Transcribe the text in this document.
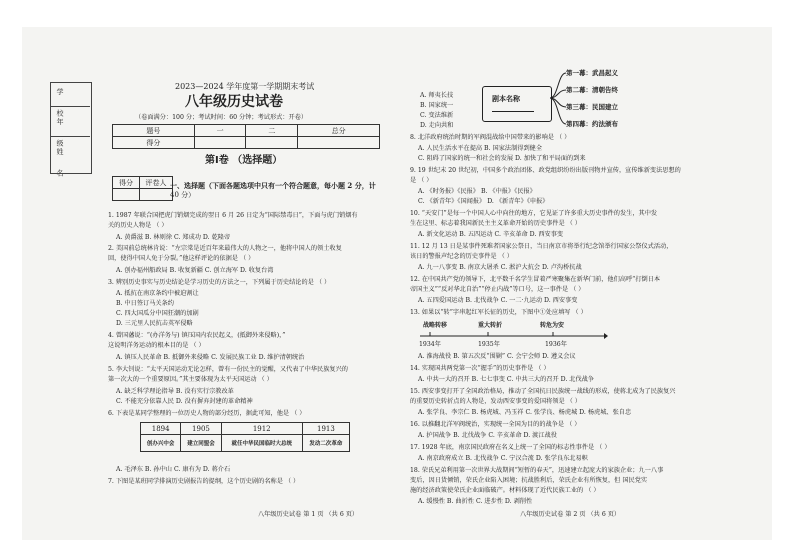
学 校
年 级
姓 名
2023—2024 学年度第一学期期末考试
八年级历史试卷
（卷面满分：100 分；考试时间：60 分钟；考试形式：开卷）
题号	一	二	总分
得分			
第Ⅰ卷 （选择题）
得分	评卷人
	一、选择题（下面各题选项中只有一个符合题意，每小题 2 分，计
40 分）
1. 1987 年联合国把虎门销烟完成的翌日 6 月 26 日定为“国际禁毒日”，下面与虎门销烟有
关的历史人物是 （ ）
A. 黄爵滋 B. 林则徐 C. 郑成功 D. 乾隆帝
2. 美国前总统林肯说：“左宗棠是近百年来最伟大的人物之一，他将中国人的领土收复
回，使得中国人免于分裂。”他这样评论的依据是 （ ）
A. 创办福州船政局 B. 收复新疆 C. 创立海军 D. 收复台湾
3. 辨别历史事实与历史结论是学习历史的方法之一，下列属于历史结论的是 （ ）
A. 抵抗在南京条约中被迫割让
B. 中日签订马关条约
C. 四大国瓜分中国狂潮的加剧
D. 三元里人民抗击英军侵略
4. 曾国藩说：“(办洋务与) 镇压国内农民起义，(抵御外来侵略)，”
这说明洋务运动的根本目的是 （ ）
A. 镇压人民革命 B. 抵御外来侵略 C. 发展民族工业 D. 维护清朝统治
5. 李大钊说：“太平天国运动无论怎样，曾有一份民主的觉醒，又代表了中华民族复兴的
第一次大的一个重要原因。”其主要体现为太平天国运动 （ ）
A. 缺乏科学理论指导 B. 没有实行宗教改革
C. 不能充分依靠人民 D. 没有摒弃封建的革命精神
6. 下表是某同学整理的一位历史人物的部分经历，据此可知，他是 （ ）
1894	1905	1912	1913
创办兴中会	建立同盟会	就任中华民国临时大总统	发动二次革命
A. 毛泽东 B. 孙中山 C. 康有为 D. 蒋介石
7. 下图是某班同学排演历史剧报告的提纲，这个历史剧的名称是 （ ）
八年级历史试卷 第 1 页 （共 6 页）
剧本名称
第一幕：武昌起义
第二幕：清朝告终
第三幕：民国建立
第四幕：约法颁布
A. 师夷长技
B. 国家统一
C. 变法维新
D. 走向共和
8. 北洋政府统治时期的军阀混战给中国带来的影响是 （ ）
A. 人民生活水平在提高 B. 国家法制得到健全
C. 阻碍了国家的统一和社会的发展 D. 加快了和平局面的到来
9. 19 世纪末 20 世纪初，中国多个政治团体、政党组织纷纷出版刊物并宣传，宣传维新变法思想的
是 （ ）
A. 《时务报》《民报》 B. 《中报》《民报》
C. 《新青年》《国闻报》 D. 《新青年》《申报》
10. “天安门”是每一个中国人心中向往的地方，它见证了许多重大历史事件的发生，其中发
生在这里、标志着我国新民主主义革命开始的历史事件是 （ ）
A. 新文化运动 B. 五四运动 C. 辛亥革命 D. 西安事变
11. 12 月 13 日是某事件死难者国家公祭日，当日南京市将举行纪念馆举行国家公祭仪式活动，
该日的警报声纪念的历史事件是 （ ）
A. 九一八事变 B. 南京大屠杀 C. 淞沪大抗会 D. 卢沟桥抗战
12. 在中国共产党的领导下，北平数千名学生冒着严寒聚集在新华门前，他们高呼“打倒日本
帝国主义”“反对华北自治”“停止内战”等口号，这一事件是 （ ）
A. 五四爱国运动 B. 北伐战争 C. 一二·九运动 D. 西安事变
13. 如果以“转”字串起红军长征的历史，下图中①处应填写 （ ）
战略转移	重大转折	转危为安
1934年	1935年	1936年
A. 淮海战役 B. 第五次反“围剿” C. 会宁会师 D. 遵义会议
14. 实现国共两党第一次“握手”的历史事件是 （ ）
A. 中共一大的召开 B. 七七事变 C. 中共三大的召开 D. 北伐战争
15. 西安事变打开了全国政治格局，推动了全国抗日民族统一战线的形成，使蒋北成为了民族复兴
的重要历史转折点的人物是，发动西安事变的爱国将领是 （ ）
A. 张学良、李宗仁 B. 杨虎城、冯玉祥 C. 张学良、杨虎城 D. 杨虎城、张自忠
16. 以推翻北洋军阀统治，实现统一全国为目的的战争是 （ ）
A. 护国战争 B. 北伐战争 C. 辛亥革命 D. 渡江战役
17. 1928 年底，南京国民政府在名义上统一了全国的标志性事件是 （ ）
A. 南京政府成立 B. 北伐战争 C. 宁汉合流 D. 张学良东北易帜
18. 荣氏兄弟利用第一次世界大战期间“短暂的春天”，迅速建立起庞大的家族企业；九一八事
变后，因日货倾销，荣氏企业陷入困境；抗战胜利后，荣氏企业有所恢复，但 国民党实
施的经济政策使荣氏企业面临破产。材料体现了近代民族工业的 （ ）
A. 缓慢性 B. 曲折性 C. 进步性 D. 剥削性
八年级历史试卷 第 2 页 （共 6 页）
